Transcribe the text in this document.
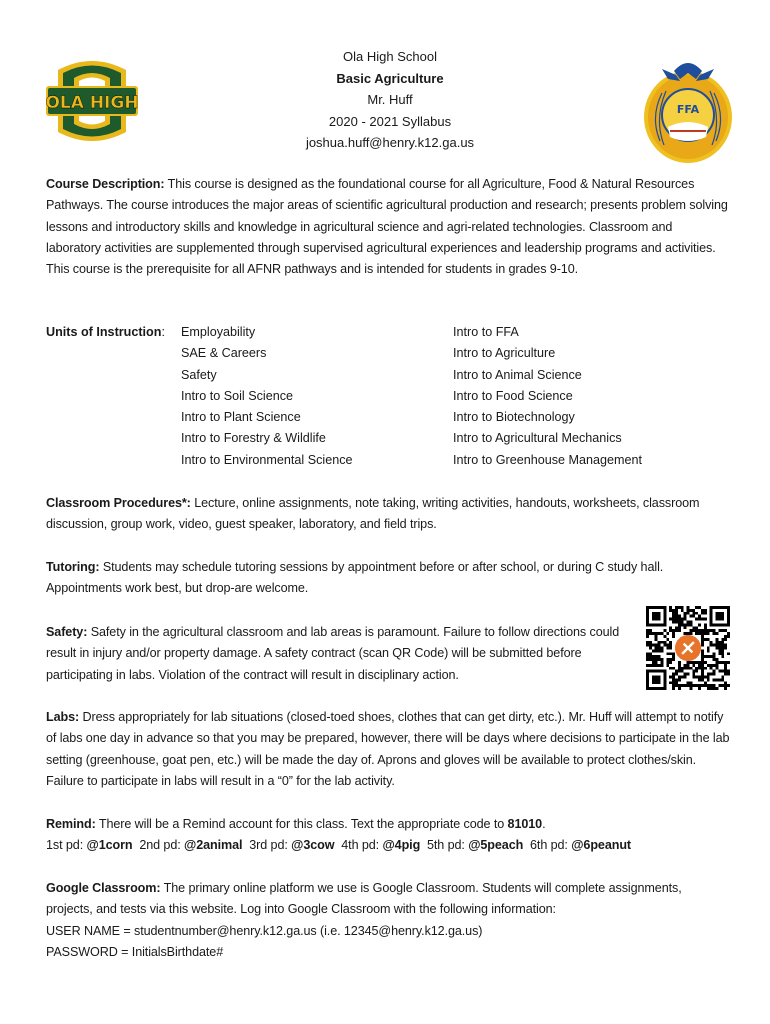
OLA HIGH
Ola High School
Basic Agriculture
Mr. Huff
2020 - 2021 Syllabus
joshua.huff@henry.k12.ga.us
FFA
Course Description: This course is designed as the foundational course for all Agriculture, Food & Natural Resources Pathways. The course introduces the major areas of scientific agricultural production and research; presents problem solving lessons and introductory skills and knowledge in agricultural science and agri-related technologies. Classroom and laboratory activities are supplemented through supervised agricultural experiences and leadership programs and activities. This course is the prerequisite for all AFNR pathways and is intended for students in grades 9-10.
Units of Instruction: Employability
SAE & Careers
Safety
Intro to Soil Science
Intro to Plant Science
Intro to Forestry & Wildlife
Intro to Environmental Science
Intro to FFA
Intro to Agriculture
Intro to Animal Science
Intro to Food Science
Intro to Biotechnology
Intro to Agricultural Mechanics
Intro to Greenhouse Management
Classroom Procedures*: Lecture, online assignments, note taking, writing activities, handouts, worksheets, classroom discussion, group work, video, guest speaker, laboratory, and field trips.
Tutoring: Students may schedule tutoring sessions by appointment before or after school, or during C study hall. Appointments work best, but drop-are welcome.
Safety: Safety in the agricultural classroom and lab areas is paramount. Failure to follow directions could result in injury and/or property damage. A safety contract (scan QR Code) will be submitted before participating in labs. Violation of the contract will result in disciplinary action.
Labs: Dress appropriately for lab situations (closed-toed shoes, clothes that can get dirty, etc.). Mr. Huff will attempt to notify of labs one day in advance so that you may be prepared, however, there will be days where decisions to participate in the lab setting (greenhouse, goat pen, etc.) will be made the day of. Aprons and gloves will be available to protect clothes/skin. Failure to participate in labs will result in a “0” for the lab activity.
Remind: There will be a Remind account for this class. Text the appropriate code to 81010.
1st pd: @1corn 2nd pd: @2animal 3rd pd: @3cow 4th pd: @4pig 5th pd: @5peach 6th pd: @6peanut
Google Classroom: The primary online platform we use is Google Classroom. Students will complete assignments, projects, and tests via this website. Log into Google Classroom with the following information:
USER NAME = studentnumber@henry.k12.ga.us (i.e. 12345@henry.k12.ga.us)
PASSWORD = InitialsBirthdate#
